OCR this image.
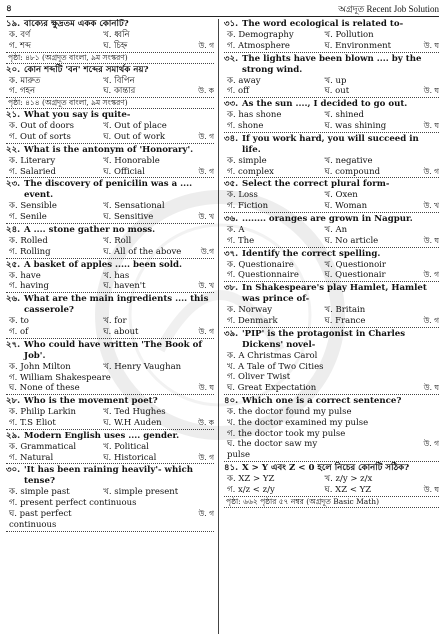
৪	অগ্রদূত Recent Job Solution
১৯. বাক্যের ক্ষুদ্রতম একক কোনটি?
ক. বর্ণ	খ. ধ্বনি
গ. শব্দ	ঘ. চিহ্ন	উ. গ
পৃষ্ঠা: ৪৮১ (অগ্রদূত বাংলা, ৯ম সংস্করণ)
২০. কোন শব্দটি 'বন' শব্দের সমার্থক নয়?
ক. মারুত	খ. বিপিন
গ. গহন	ঘ. কান্তার	উ. ক
পৃষ্ঠা: ৪১৪ (অগ্রদূত বাংলা, ৯ম সংস্করণ)
২১. What you say is quite-
ক. Out of doors	খ. Out of place
গ. Out of sorts	ঘ. Out of work	উ. গ
২২. What is the antonym of 'Honorary'.
ক. Literary	খ. Honorable
গ. Salaried	ঘ. Official	উ. গ
২৩. The discovery of penicilin was a .... event.
ক. Sensible	খ. Sensational
গ. Senile	ঘ. Sensitive	উ. খ
২৪. A .... stone gather no moss.
ক. Rolled	খ. Roll
গ. Rolling	ঘ. All of the above	উ.গ
২৫. A basket of apples ..... been sold.
ক. have	খ. has
গ. having	ঘ. haven't	উ. খ
২৬. What are the main ingredients .... this casserole?
ক. to	খ. for
গ. of	ঘ. about	উ. গ
২৭. Who could have written 'The Book of Job'.
ক. John Milton	খ. Henry Vaughan
গ. William Shakespeare
ঘ. None of these	উ. ঘ
২৮. Who is the movement poet?
ক. Philip Larkin	খ. Ted Hughes
গ. T.S Eliot	ঘ. W.H Auden	উ. ক
২৯. Modern English uses .... gender.
ক. Grammatical	খ. Political
গ. Natural	ঘ. Historical	উ. গ
৩০. 'It has been raining heavily'- which tense?
ক. simple past	খ. simple present
গ. present perfect continuous
ঘ. past perfect continuous
উ. গ
৩১. The word ecological is related to-
ক. Demography	খ. Pollution
গ. Atmosphere	ঘ. Environment	উ. ঘ
৩২. The lights have been blown .... by the strong wind.
ক. away	খ. up
গ. off	ঘ. out	উ. ঘ
৩৩. As the sun ...., I decided to go out.
ক. has shone	খ. shined
গ. shone	ঘ. was shining	উ. ঘ
৩৪. If you work hard, you will succeed in life.
ক. simple	খ. negative
গ. complex	ঘ. compound	উ. গ
৩৫. Select the correct plural form-
ক. Loss	খ. Oxen
গ. Fiction	ঘ. Woman	উ. খ
৩৬. ........ oranges are grown in Nagpur.
ক. A	খ. An
গ. The	ঘ. No article	উ. ঘ
৩৭. Identify the correct spelling.
ক. Questionaire	খ. Questionoir
গ. Questionnaire	ঘ. Questionair	উ. গ
৩৮. In Shakespeare's play Hamlet, Hamlet was prince of-
ক. Norway	খ. Britain
গ. Denmark	ঘ. France	উ. গ
৩৯. 'PIP' is the protagonist in Charles Dickens' novel-
ক. A Christmas Carol
খ. A Tale of Two Cities
গ. Oliver Twist
ঘ. Great Expectation	উ. ঘ
৪০. Which one is a correct sentence?
ক. the doctor found my pulse
খ. the doctor examined my pulse
গ. the doctor took my pulse
ঘ. the doctor saw my pulse
উ. গ
৪১. X > Y এবং Z < 0 হলে নিচের কোনটি সঠিক?
ক. XZ > YZ	খ. z/y > z/x
গ. x/z < z/y	ঘ. XZ < YZ	উ. ঘ
পৃষ্ঠা: ৬৬২ পৃষ্ঠার ৫৭ নম্বর (অগ্রদূত Basic Math)
